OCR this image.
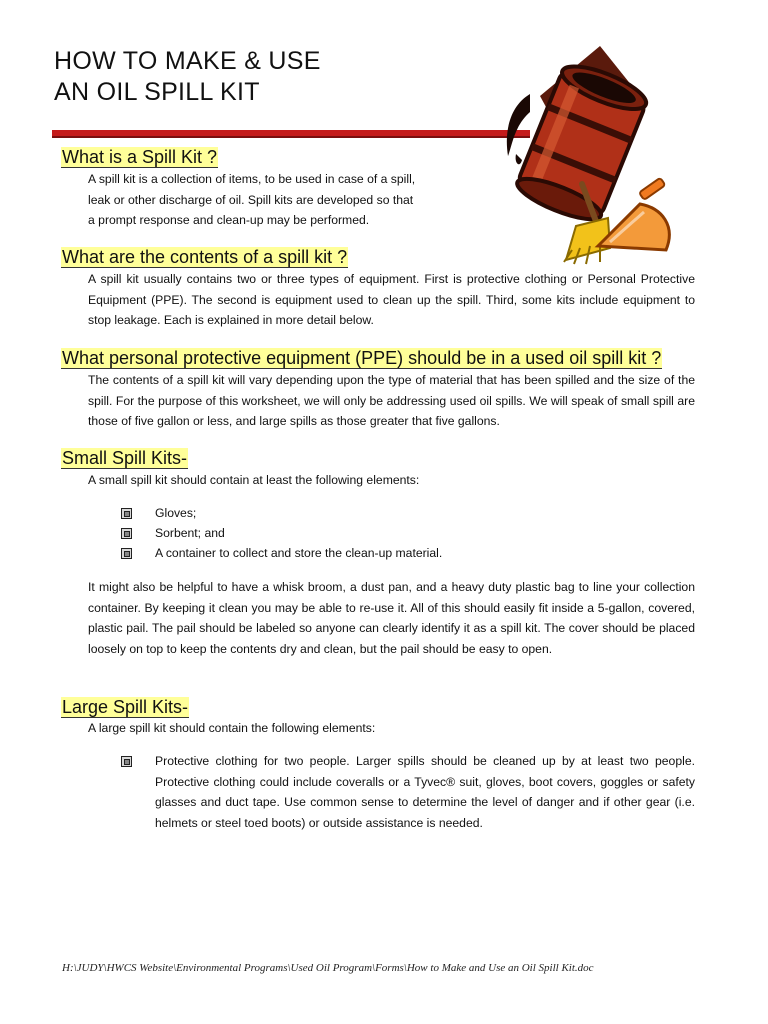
HOW TO MAKE & USE
AN OIL SPILL KIT
What is a Spill Kit ?

A spill kit is a collection of items, to be used in case of a spill,
leak or other discharge of oil. Spill kits are developed so that
a prompt response and clean-up may be performed.

What are the contents of a spill kit ?

A spill kit usually contains two or three types of equipment. First is protective clothing or Personal Protective Equipment (PPE). The second is equipment used to clean up the spill. Third, some kits include equipment to stop leakage. Each is explained in more detail below.

What personal protective equipment (PPE) should be in a used oil spill kit ?

The contents of a spill kit will vary depending upon the type of material that has been spilled and the size of the spill. For the purpose of this worksheet, we will only be addressing used oil spills. We will speak of small spill are those of five gallon or less, and large spills as those greater that five gallons.

Small Spill Kits-

A small spill kit should contain at least the following elements:

Gloves;
Sorbent; and
A container to collect and store the clean-up material.

It might also be helpful to have a whisk broom, a dust pan, and a heavy duty plastic bag to line your collection container. By keeping it clean you may be able to re-use it. All of this should easily fit inside a 5-gallon, covered, plastic pail. The pail should be labeled so anyone can clearly identify it as a spill kit. The cover should be placed loosely on top to keep the contents dry and clean, but the pail should be easy to open.

Large Spill Kits-

A large spill kit should contain the following elements:

Protective clothing for two people. Larger spills should be cleaned up by at least two people. Protective clothing could include coveralls or a Tyvec® suit, gloves, boot covers, goggles or safety glasses and duct tape. Use common sense to determine the level of danger and if other gear (i.e. helmets or steel toed boots) or outside assistance is needed.
H:\JUDY\HWCS Website\Environmental Programs\Used Oil Program\Forms\How to Make and Use an Oil Spill Kit.doc
